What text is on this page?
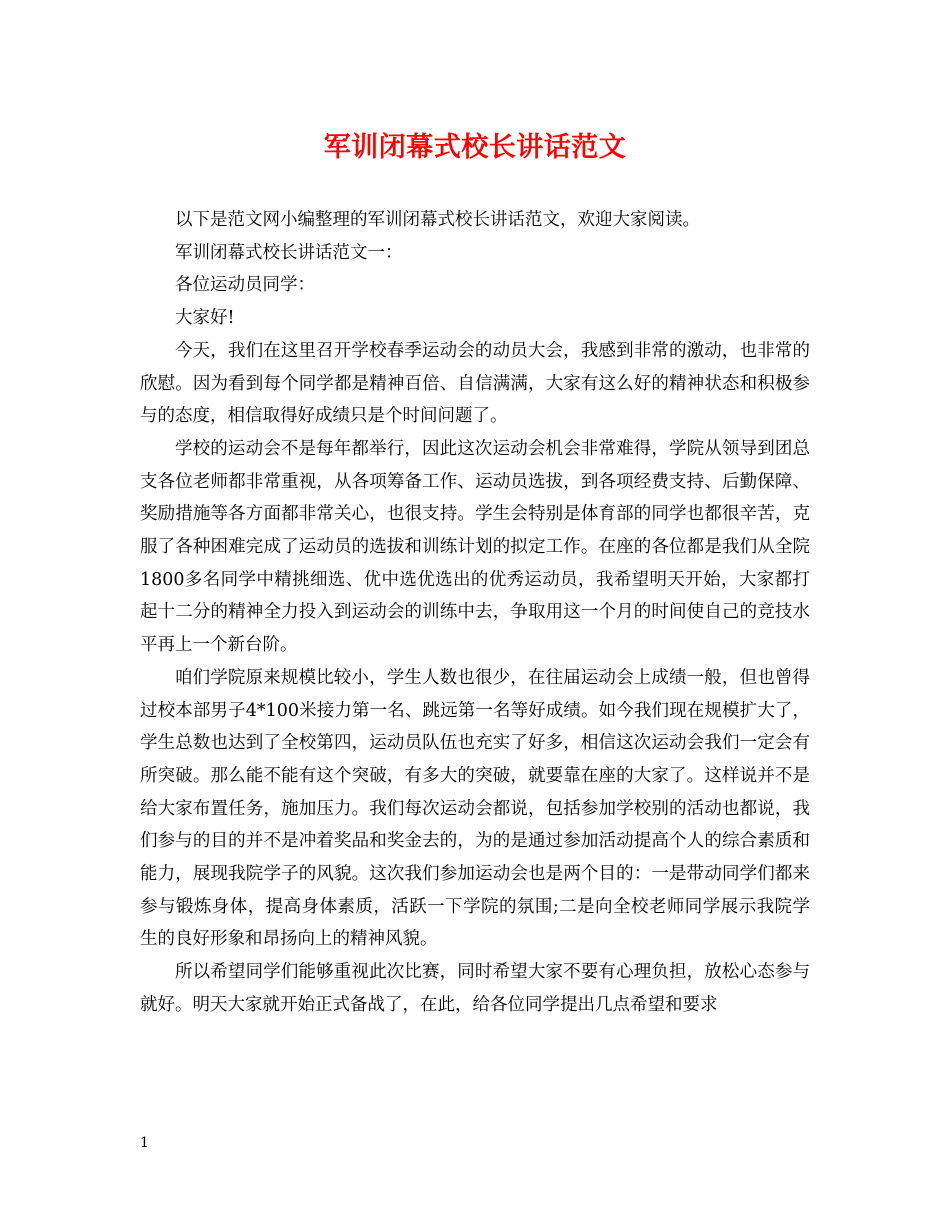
军训闭幕式校长讲话范文

以下是范文网小编整理的军训闭幕式校长讲话范文，欢迎大家阅读。

军训闭幕式校长讲话范文一：

各位运动员同学：

大家好!

今天，我们在这里召开学校春季运动会的动员大会，我感到非常的激动，也非常的欣慰。因为看到每个同学都是精神百倍、自信满满，大家有这么好的精神状态和积极参与的态度，相信取得好成绩只是个时间问题了。

学校的运动会不是每年都举行，因此这次运动会机会非常难得，学院从领导到团总支各位老师都非常重视，从各项筹备工作、运动员选拔，到各项经费支持、后勤保障、奖励措施等各方面都非常关心，也很支持。学生会特别是体育部的同学也都很辛苦，克服了各种困难完成了运动员的选拔和训练计划的拟定工作。在座的各位都是我们从全院1800多名同学中精挑细选、优中选优选出的优秀运动员，我希望明天开始，大家都打起十二分的精神全力投入到运动会的训练中去，争取用这一个月的时间使自己的竞技水平再上一个新台阶。

咱们学院原来规模比较小，学生人数也很少，在往届运动会上成绩一般，但也曾得过校本部男子4*100米接力第一名、跳远第一名等好成绩。如今我们现在规模扩大了，学生总数也达到了全校第四，运动员队伍也充实了好多，相信这次运动会我们一定会有所突破。那么能不能有这个突破，有多大的突破，就要靠在座的大家了。这样说并不是给大家布置任务，施加压力。我们每次运动会都说，包括参加学校别的活动也都说，我们参与的目的并不是冲着奖品和奖金去的，为的是通过参加活动提高个人的综合素质和能力，展现我院学子的风貌。这次我们参加运动会也是两个目的：一是带动同学们都来参与锻炼身体，提高身体素质，活跃一下学院的氛围;二是向全校老师同学展示我院学生的良好形象和昂扬向上的精神风貌。

所以希望同学们能够重视此次比赛，同时希望大家不要有心理负担，放松心态参与就好。明天大家就开始正式备战了，在此，给各位同学提出几点希望和要求

1
